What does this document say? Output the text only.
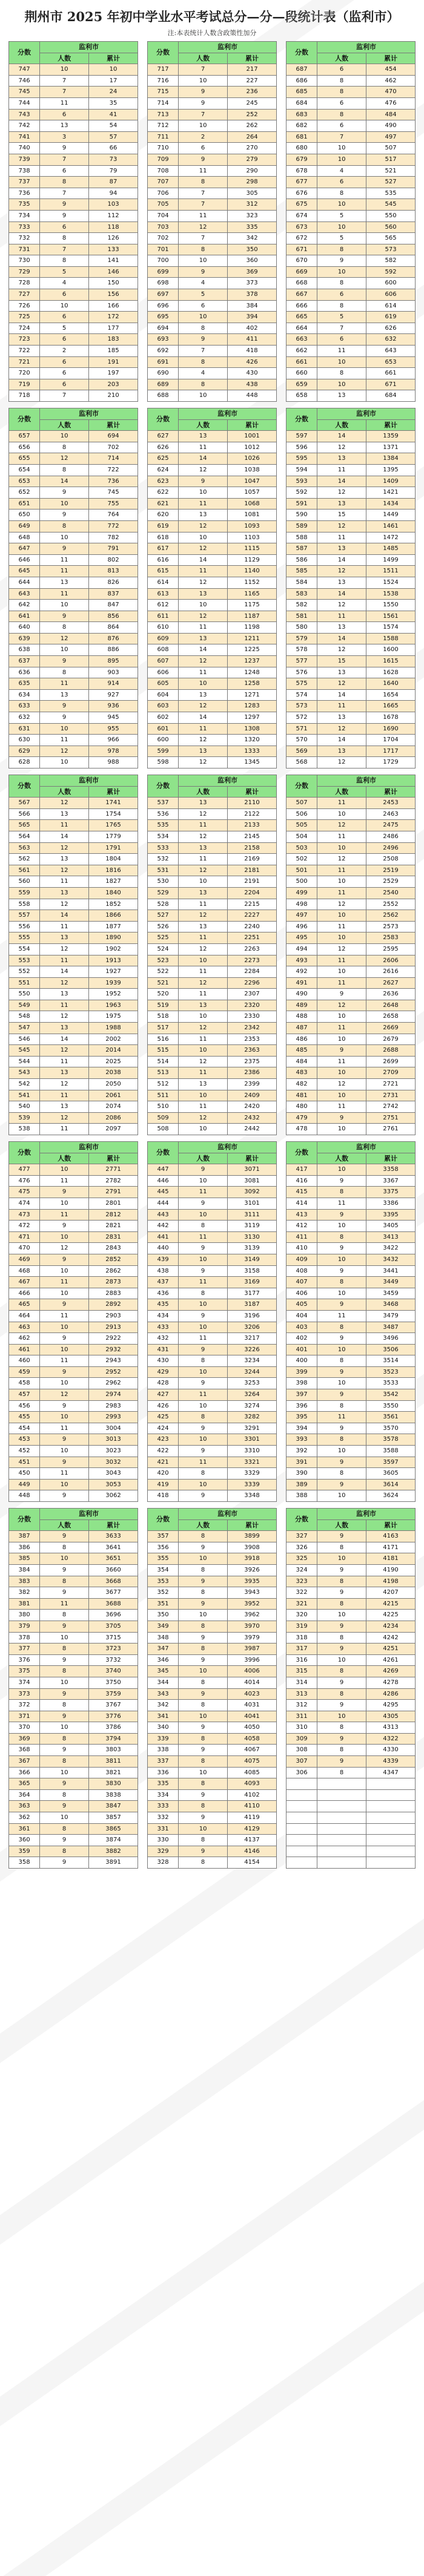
荆州市 2025 年初中学业水平考试总分—分—段统计表（监利市）
注:本表统计人数含政策性加分
分数	监利市	
	人数	累计
747	10	10
746	7	17
745	7	24
744	11	35
743	6	41
742	13	54
741	3	57
740	9	66
739	7	73
738	6	79
737	8	87
736	7	94
735	9	103
734	9	112
733	6	118
732	8	126
731	7	133
730	8	141
729	5	146
728	4	150
727	6	156
726	10	166
725	6	172
724	5	177
723	6	183
722	2	185
721	6	191
720	6	197
719	6	203
718	7	210
分数	监利市	
	人数	累计
717	7	217
716	10	227
715	9	236
714	9	245
713	7	252
712	10	262
711	2	264
710	6	270
709	9	279
708	11	290
707	8	298
706	7	305
705	7	312
704	11	323
703	12	335
702	7	342
701	8	350
700	10	360
699	9	369
698	4	373
697	5	378
696	6	384
695	10	394
694	8	402
693	9	411
692	7	418
691	8	426
690	4	430
689	8	438
688	10	448
分数	监利市	
	人数	累计
687	6	454
686	8	462
685	8	470
684	6	476
683	8	484
682	6	490
681	7	497
680	10	507
679	10	517
678	4	521
677	6	527
676	8	535
675	10	545
674	5	550
673	10	560
672	5	565
671	8	573
670	9	582
669	10	592
668	8	600
667	6	606
666	8	614
665	5	619
664	7	626
663	6	632
662	11	643
661	10	653
660	8	661
659	10	671
658	13	684
分数	监利市	
	人数	累计
657	10	694
656	8	702
655	12	714
654	8	722
653	14	736
652	9	745
651	10	755
650	9	764
649	8	772
648	10	782
647	9	791
646	11	802
645	11	813
644	13	826
643	11	837
642	10	847
641	9	856
640	8	864
639	12	876
638	10	886
637	9	895
636	8	903
635	11	914
634	13	927
633	9	936
632	9	945
631	10	955
630	11	966
629	12	978
628	10	988
分数	监利市	
	人数	累计
627	13	1001
626	11	1012
625	14	1026
624	12	1038
623	9	1047
622	10	1057
621	11	1068
620	13	1081
619	12	1093
618	10	1103
617	12	1115
616	14	1129
615	11	1140
614	12	1152
613	13	1165
612	10	1175
611	12	1187
610	11	1198
609	13	1211
608	14	1225
607	12	1237
606	11	1248
605	10	1258
604	13	1271
603	12	1283
602	14	1297
601	11	1308
600	12	1320
599	13	1333
598	12	1345
分数	监利市	
	人数	累计
597	14	1359
596	12	1371
595	13	1384
594	11	1395
593	14	1409
592	12	1421
591	13	1434
590	15	1449
589	12	1461
588	11	1472
587	13	1485
586	14	1499
585	12	1511
584	13	1524
583	14	1538
582	12	1550
581	11	1561
580	13	1574
579	14	1588
578	12	1600
577	15	1615
576	13	1628
575	12	1640
574	14	1654
573	11	1665
572	13	1678
571	12	1690
570	14	1704
569	13	1717
568	12	1729
分数	监利市	
	人数	累计
567	12	1741
566	13	1754
565	11	1765
564	14	1779
563	12	1791
562	13	1804
561	12	1816
560	11	1827
559	13	1840
558	12	1852
557	14	1866
556	11	1877
555	13	1890
554	12	1902
553	11	1913
552	14	1927
551	12	1939
550	13	1952
549	11	1963
548	12	1975
547	13	1988
546	14	2002
545	12	2014
544	11	2025
543	13	2038
542	12	2050
541	11	2061
540	13	2074
539	12	2086
538	11	2097
分数	监利市	
	人数	累计
537	13	2110
536	12	2122
535	11	2133
534	12	2145
533	13	2158
532	11	2169
531	12	2181
530	10	2191
529	13	2204
528	11	2215
527	12	2227
526	13	2240
525	11	2251
524	12	2263
523	10	2273
522	11	2284
521	12	2296
520	11	2307
519	13	2320
518	10	2330
517	12	2342
516	11	2353
515	10	2363
514	12	2375
513	11	2386
512	13	2399
511	10	2409
510	11	2420
509	12	2432
508	10	2442
分数	监利市	
	人数	累计
507	11	2453
506	10	2463
505	12	2475
504	11	2486
503	10	2496
502	12	2508
501	11	2519
500	10	2529
499	11	2540
498	12	2552
497	10	2562
496	11	2573
495	10	2583
494	12	2595
493	11	2606
492	10	2616
491	11	2627
490	9	2636
489	12	2648
488	10	2658
487	11	2669
486	10	2679
485	9	2688
484	11	2699
483	10	2709
482	12	2721
481	10	2731
480	11	2742
479	9	2751
478	10	2761
分数	监利市	
	人数	累计
477	10	2771
476	11	2782
475	9	2791
474	10	2801
473	11	2812
472	9	2821
471	10	2831
470	12	2843
469	9	2852
468	10	2862
467	11	2873
466	10	2883
465	9	2892
464	11	2903
463	10	2913
462	9	2922
461	10	2932
460	11	2943
459	9	2952
458	10	2962
457	12	2974
456	9	2983
455	10	2993
454	11	3004
453	9	3013
452	10	3023
451	9	3032
450	11	3043
449	10	3053
448	9	3062
分数	监利市	
	人数	累计
447	9	3071
446	10	3081
445	11	3092
444	9	3101
443	10	3111
442	8	3119
441	11	3130
440	9	3139
439	10	3149
438	9	3158
437	11	3169
436	8	3177
435	10	3187
434	9	3196
433	10	3206
432	11	3217
431	9	3226
430	8	3234
429	10	3244
428	9	3253
427	11	3264
426	10	3274
425	8	3282
424	9	3291
423	10	3301
422	9	3310
421	11	3321
420	8	3329
419	10	3339
418	9	3348
分数	监利市	
	人数	累计
417	10	3358
416	9	3367
415	8	3375
414	11	3386
413	9	3395
412	10	3405
411	8	3413
410	9	3422
409	10	3432
408	9	3441
407	8	3449
406	10	3459
405	9	3468
404	11	3479
403	8	3487
402	9	3496
401	10	3506
400	8	3514
399	9	3523
398	10	3533
397	9	3542
396	8	3550
395	11	3561
394	9	3570
393	8	3578
392	10	3588
391	9	3597
390	8	3605
389	9	3614
388	10	3624
分数	监利市	
	人数	累计
387	9	3633
386	8	3641
385	10	3651
384	9	3660
383	8	3668
382	9	3677
381	11	3688
380	8	3696
379	9	3705
378	10	3715
377	8	3723
376	9	3732
375	8	3740
374	10	3750
373	9	3759
372	8	3767
371	9	3776
370	10	3786
369	8	3794
368	9	3803
367	8	3811
366	10	3821
365	9	3830
364	8	3838
363	9	3847
362	10	3857
361	8	3865
360	9	3874
359	8	3882
358	9	3891
分数	监利市	
	人数	累计
357	8	3899
356	9	3908
355	10	3918
354	8	3926
353	9	3935
352	8	3943
351	9	3952
350	10	3962
349	8	3970
348	9	3979
347	8	3987
346	9	3996
345	10	4006
344	8	4014
343	9	4023
342	8	4031
341	10	4041
340	9	4050
339	8	4058
338	9	4067
337	8	4075
336	10	4085
335	8	4093
334	9	4102
333	8	4110
332	9	4119
331	10	4129
330	8	4137
329	9	4146
328	8	4154
分数	监利市	
	人数	累计
327	9	4163
326	8	4171
325	10	4181
324	9	4190
323	8	4198
322	9	4207
321	8	4215
320	10	4225
319	9	4234
318	8	4242
317	9	4251
316	10	4261
315	8	4269
314	9	4278
313	8	4286
312	9	4295
311	10	4305
310	8	4313
309	9	4322
308	8	4330
307	9	4339
306	8	4347
